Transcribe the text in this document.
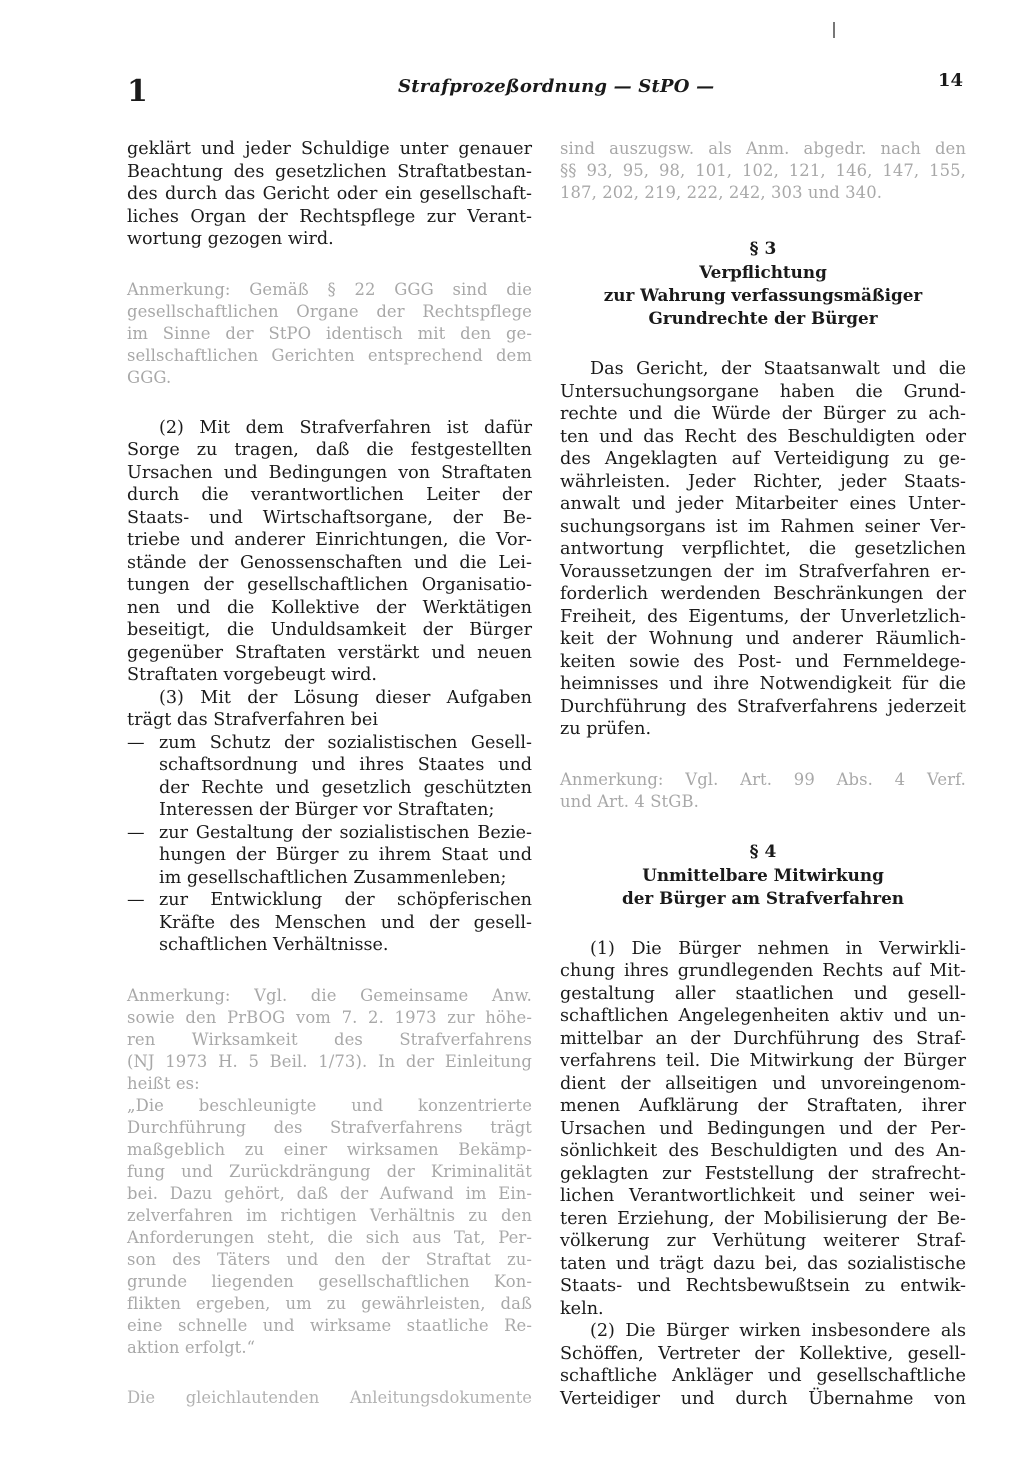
1	Strafprozeßordnung — StPO —	14
geklärt und jeder Schuldige unter genauer
Beachtung des gesetzlichen Straftatbestan-
des durch das Gericht oder ein gesellschaft-
liches Organ der Rechtspflege zur Verant-
wortung gezogen wird.
Anmerkung: Gemäß § 22 GGG sind die
gesellschaftlichen Organe der Rechtspflege
im Sinne der StPO identisch mit den ge-
sellschaftlichen Gerichten entsprechend dem
GGG.
(2) Mit dem Strafverfahren ist dafür
Sorge zu tragen, daß die festgestellten
Ursachen und Bedingungen von Straftaten
durch die verantwortlichen Leiter der
Staats- und Wirtschaftsorgane, der Be-
triebe und anderer Einrichtungen, die Vor-
stände der Genossenschaften und die Lei-
tungen der gesellschaftlichen Organisatio-
nen und die Kollektive der Werktätigen
beseitigt, die Unduldsamkeit der Bürger
gegenüber Straftaten verstärkt und neuen
Straftaten vorgebeugt wird.
(3) Mit der Lösung dieser Aufgaben
trägt das Strafverfahren bei
— zum Schutz der sozialistischen Gesell-
schaftsordnung und ihres Staates und
der Rechte und gesetzlich geschützten
Interessen der Bürger vor Straftaten;
— zur Gestaltung der sozialistischen Bezie-
hungen der Bürger zu ihrem Staat und
im gesellschaftlichen Zusammenleben;
— zur Entwicklung der schöpferischen
Kräfte des Menschen und der gesell-
schaftlichen Verhältnisse.
Anmerkung: Vgl. die Gemeinsame Anw.
sowie den PrBOG vom 7. 2. 1973 zur höhe-
ren Wirksamkeit des Strafverfahrens
(NJ 1973 H. 5 Beil. 1/73). In der Einleitung
heißt es:
„Die beschleunigte und konzentrierte
Durchführung des Strafverfahrens trägt
maßgeblich zu einer wirksamen Bekämp-
fung und Zurückdrängung der Kriminalität
bei. Dazu gehört, daß der Aufwand im Ein-
zelverfahren im richtigen Verhältnis zu den
Anforderungen steht, die sich aus Tat, Per-
son des Täters und den der Straftat zu-
grunde liegenden gesellschaftlichen Kon-
flikten ergeben, um zu gewährleisten, daß
eine schnelle und wirksame staatliche Re-
aktion erfolgt.“
Die gleichlautenden Anleitungsdokumente
sind auszugsw. als Anm. abgedr. nach den
§§ 93, 95, 98, 101, 102, 121, 146, 147, 155,
187, 202, 219, 222, 242, 303 und 340.
§ 3
Verpflichtung
zur Wahrung verfassungsmäßiger
Grundrechte der Bürger
Das Gericht, der Staatsanwalt und die
Untersuchungsorgane haben die Grund-
rechte und die Würde der Bürger zu ach-
ten und das Recht des Beschuldigten oder
des Angeklagten auf Verteidigung zu ge-
währleisten. Jeder Richter, jeder Staats-
anwalt und jeder Mitarbeiter eines Unter-
suchungsorgans ist im Rahmen seiner Ver-
antwortung verpflichtet, die gesetzlichen
Voraussetzungen der im Strafverfahren er-
forderlich werdenden Beschränkungen der
Freiheit, des Eigentums, der Unverletzlich-
keit der Wohnung und anderer Räumlich-
keiten sowie des Post- und Fernmeldege-
heimnisses und ihre Notwendigkeit für die
Durchführung des Strafverfahrens jederzeit
zu prüfen.
Anmerkung: Vgl. Art. 99 Abs. 4 Verf.
und Art. 4 StGB.
§ 4
Unmittelbare Mitwirkung
der Bürger am Strafverfahren
(1) Die Bürger nehmen in Verwirkli-
chung ihres grundlegenden Rechts auf Mit-
gestaltung aller staatlichen und gesell-
schaftlichen Angelegenheiten aktiv und un-
mittelbar an der Durchführung des Straf-
verfahrens teil. Die Mitwirkung der Bürger
dient der allseitigen und unvoreingenom-
menen Aufklärung der Straftaten, ihrer
Ursachen und Bedingungen und der Per-
sönlichkeit des Beschuldigten und des An-
geklagten zur Feststellung der strafrecht-
lichen Verantwortlichkeit und seiner wei-
teren Erziehung, der Mobilisierung der Be-
völkerung zur Verhütung weiterer Straf-
taten und trägt dazu bei, das sozialistische
Staats- und Rechtsbewußtsein zu entwik-
keln.
(2) Die Bürger wirken insbesondere als
Schöffen, Vertreter der Kollektive, gesell-
schaftliche Ankläger und gesellschaftliche
Verteidiger und durch Übernahme von
